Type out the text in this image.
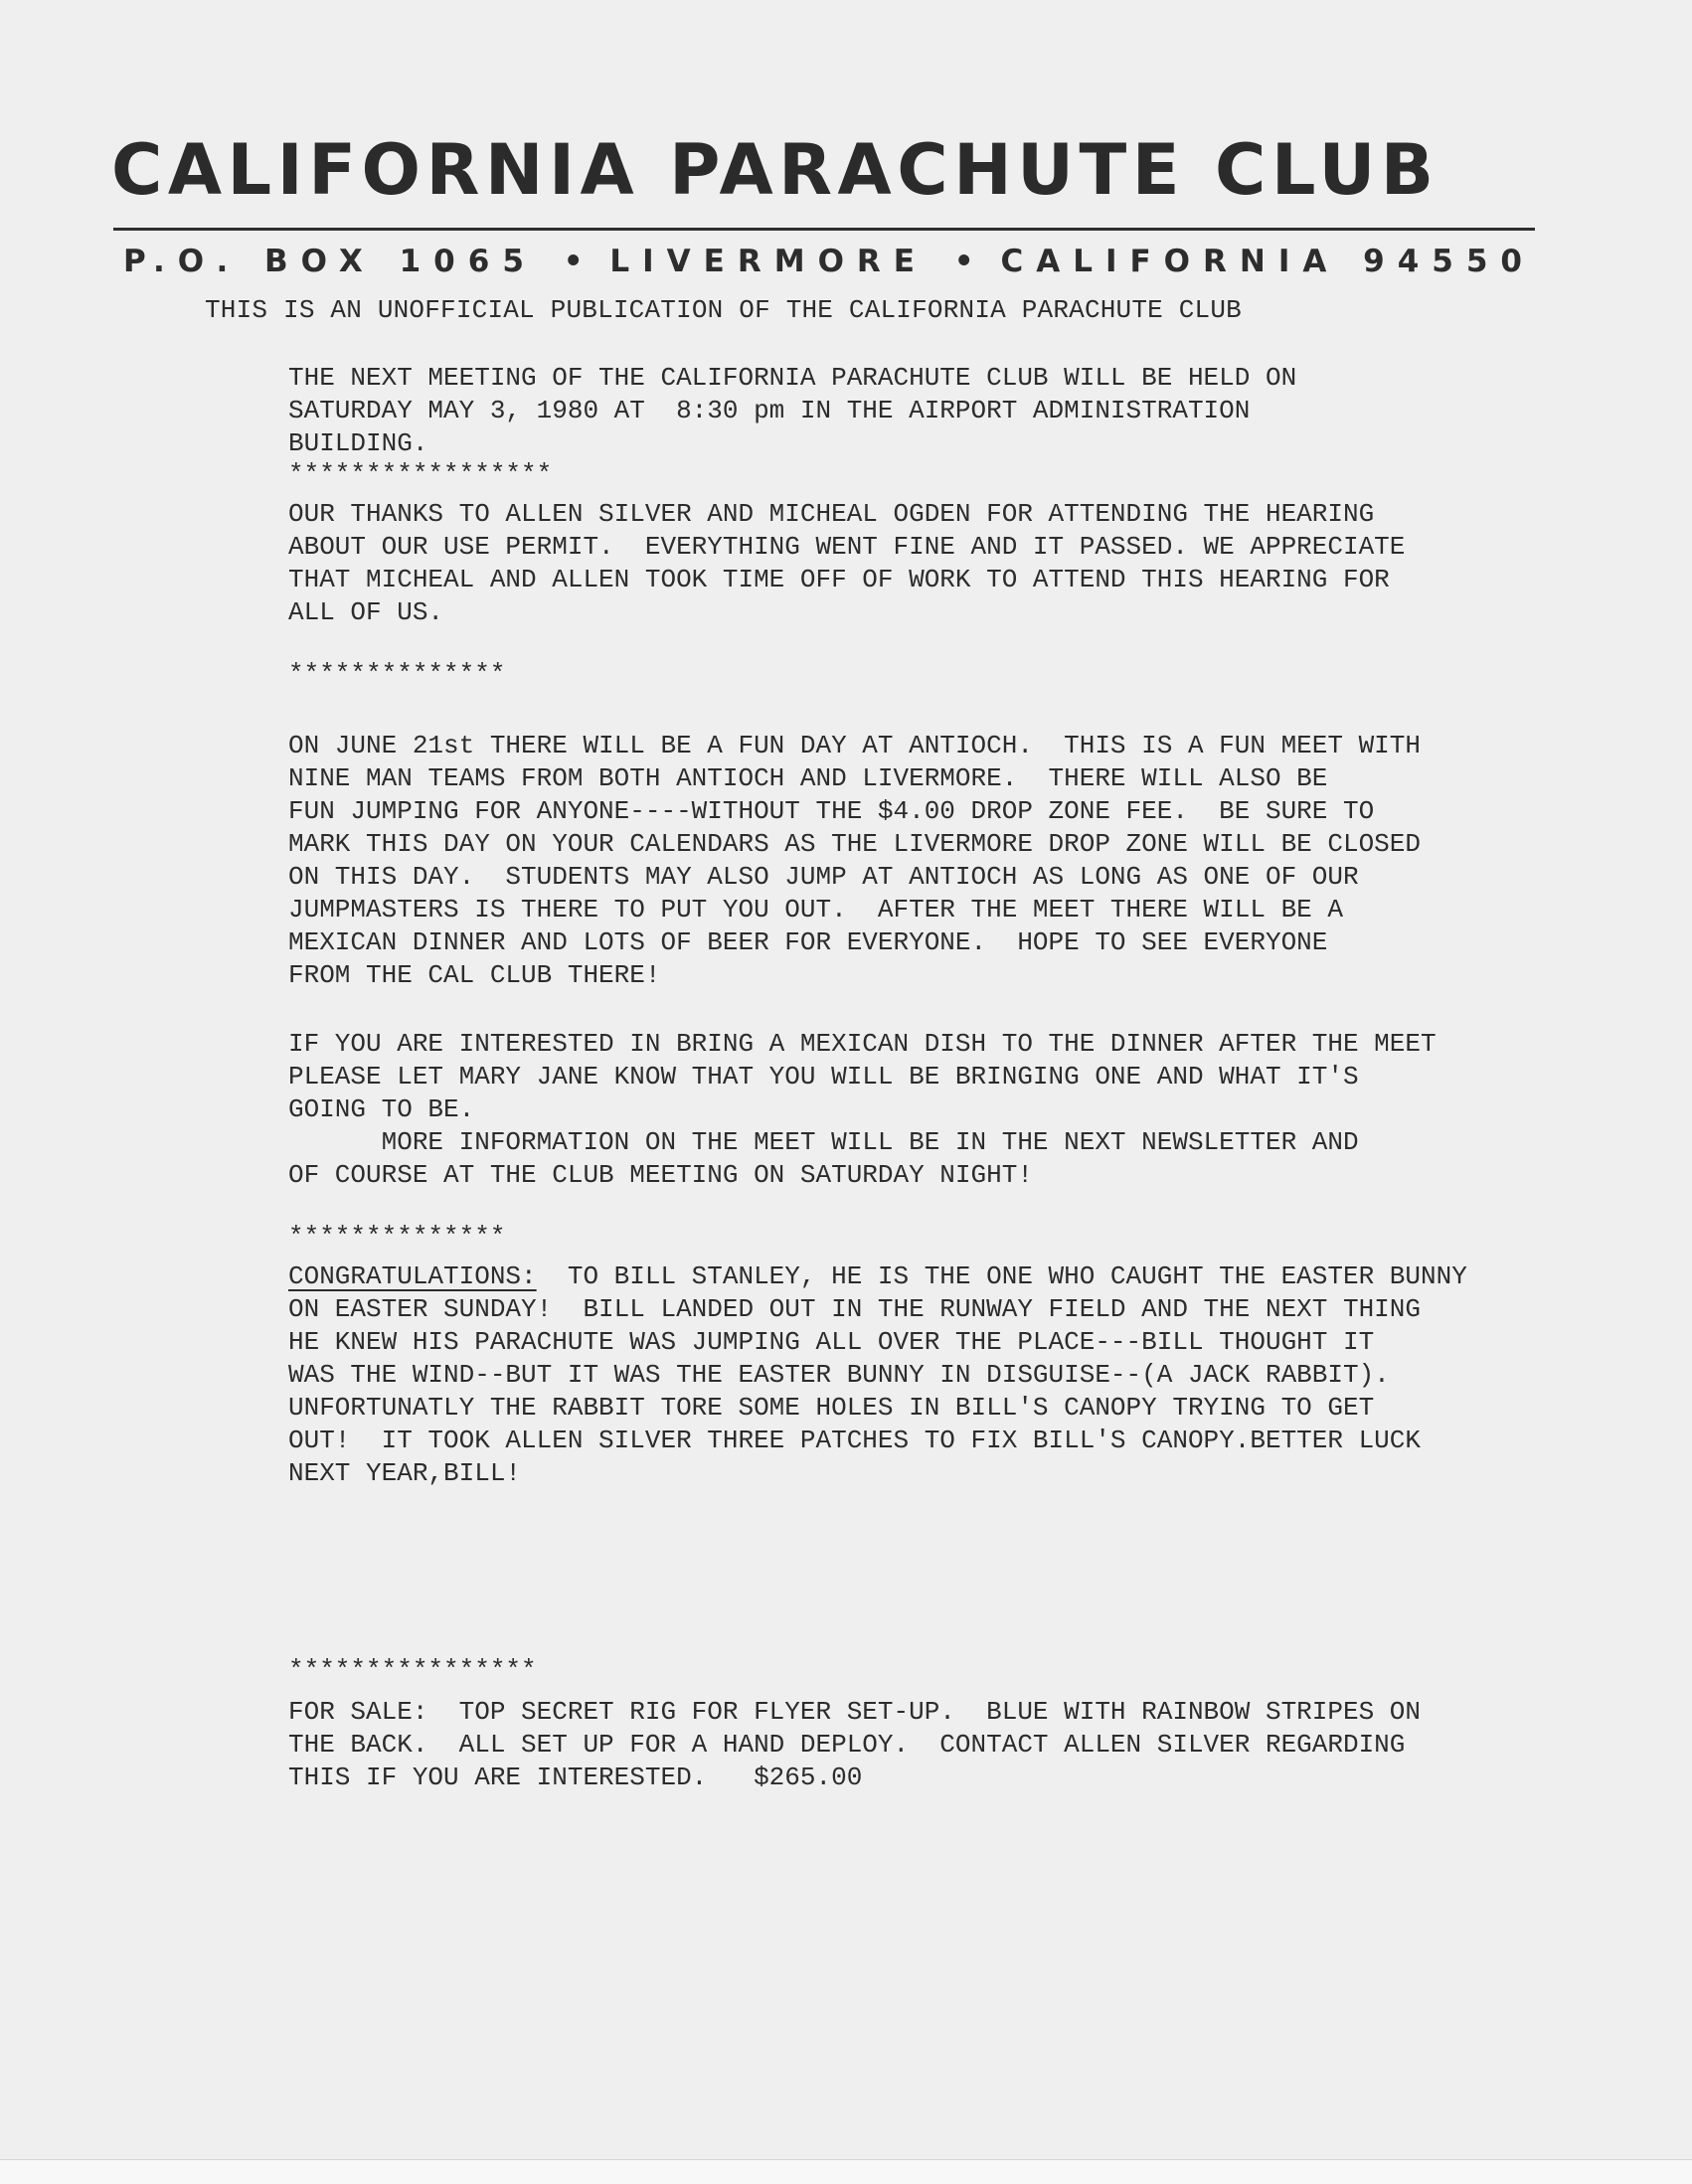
CALIFORNIA PARACHUTE CLUB
P.O. BOX 1065 • LIVERMORE • CALIFORNIA 94550
THIS IS AN UNOFFICIAL PUBLICATION OF THE CALIFORNIA PARACHUTE CLUB
THE NEXT MEETING OF THE CALIFORNIA PARACHUTE CLUB WILL BE HELD ON
SATURDAY MAY 3, 1980 AT  8:30 pm IN THE AIRPORT ADMINISTRATION
BUILDING.
*****************
OUR THANKS TO ALLEN SILVER AND MICHEAL OGDEN FOR ATTENDING THE HEARING
ABOUT OUR USE PERMIT.  EVERYTHING WENT FINE AND IT PASSED. WE APPRECIATE
THAT MICHEAL AND ALLEN TOOK TIME OFF OF WORK TO ATTEND THIS HEARING FOR
ALL OF US.
**************
ON JUNE 21st THERE WILL BE A FUN DAY AT ANTIOCH.  THIS IS A FUN MEET WITH
NINE MAN TEAMS FROM BOTH ANTIOCH AND LIVERMORE.  THERE WILL ALSO BE
FUN JUMPING FOR ANYONE----WITHOUT THE $4.00 DROP ZONE FEE.  BE SURE TO
MARK THIS DAY ON YOUR CALENDARS AS THE LIVERMORE DROP ZONE WILL BE CLOSED
ON THIS DAY.  STUDENTS MAY ALSO JUMP AT ANTIOCH AS LONG AS ONE OF OUR
JUMPMASTERS IS THERE TO PUT YOU OUT.  AFTER THE MEET THERE WILL BE A
MEXICAN DINNER AND LOTS OF BEER FOR EVERYONE.  HOPE TO SEE EVERYONE
FROM THE CAL CLUB THERE!
IF YOU ARE INTERESTED IN BRING A MEXICAN DISH TO THE DINNER AFTER THE MEET
PLEASE LET MARY JANE KNOW THAT YOU WILL BE BRINGING ONE AND WHAT IT'S
GOING TO BE.
MORE INFORMATION ON THE MEET WILL BE IN THE NEXT NEWSLETTER AND
OF COURSE AT THE CLUB MEETING ON SATURDAY NIGHT!
**************
CONGRATULATIONS:  TO BILL STANLEY, HE IS THE ONE WHO CAUGHT THE EASTER BUNNY
ON EASTER SUNDAY!  BILL LANDED OUT IN THE RUNWAY FIELD AND THE NEXT THING
HE KNEW HIS PARACHUTE WAS JUMPING ALL OVER THE PLACE---BILL THOUGHT IT
WAS THE WIND--BUT IT WAS THE EASTER BUNNY IN DISGUISE--(A JACK RABBIT).
UNFORTUNATLY THE RABBIT TORE SOME HOLES IN BILL'S CANOPY TRYING TO GET
OUT!  IT TOOK ALLEN SILVER THREE PATCHES TO FIX BILL'S CANOPY.BETTER LUCK
NEXT YEAR,BILL!
****************
FOR SALE:  TOP SECRET RIG FOR FLYER SET-UP.  BLUE WITH RAINBOW STRIPES ON
THE BACK.  ALL SET UP FOR A HAND DEPLOY.  CONTACT ALLEN SILVER REGARDING
THIS IF YOU ARE INTERESTED.   $265.00
